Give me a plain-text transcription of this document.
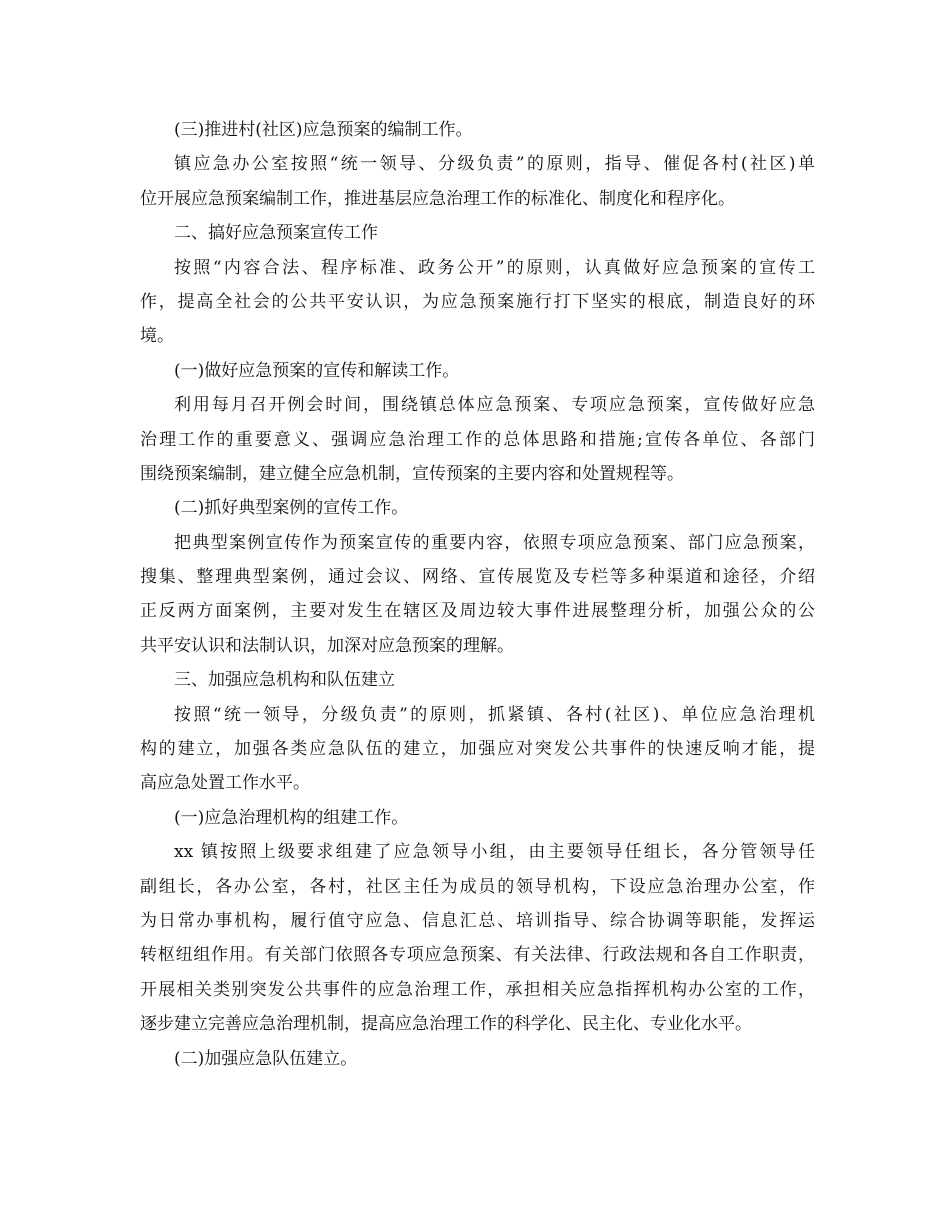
(三)推进村(社区)应急预案的编制工作。
镇应急办公室按照“统一领导、分级负责”的原则，指导、催促各村(社区)单
位开展应急预案编制工作，推进基层应急治理工作的标准化、制度化和程序化。
二、搞好应急预案宣传工作
按照“内容合法、程序标准、政务公开”的原则，认真做好应急预案的宣传工
作，提高全社会的公共平安认识，为应急预案施行打下坚实的根底，制造良好的环
境。
(一)做好应急预案的宣传和解读工作。
利用每月召开例会时间，围绕镇总体应急预案、专项应急预案，宣传做好应急
治理工作的重要意义、强调应急治理工作的总体思路和措施;宣传各单位、各部门
围绕预案编制，建立健全应急机制，宣传预案的主要内容和处置规程等。
(二)抓好典型案例的宣传工作。
把典型案例宣传作为预案宣传的重要内容，依照专项应急预案、部门应急预案，
搜集、整理典型案例，通过会议、网络、宣传展览及专栏等多种渠道和途径，介绍
正反两方面案例，主要对发生在辖区及周边较大事件进展整理分析，加强公众的公
共平安认识和法制认识，加深对应急预案的理解。
三、加强应急机构和队伍建立
按照“统一领导，分级负责”的原则，抓紧镇、各村(社区)、单位应急治理机
构的建立，加强各类应急队伍的建立，加强应对突发公共事件的快速反响才能，提
高应急处置工作水平。
(一)应急治理机构的组建工作。
xx 镇按照上级要求组建了应急领导小组，由主要领导任组长，各分管领导任
副组长，各办公室，各村，社区主任为成员的领导机构，下设应急治理办公室，作
为日常办事机构，履行值守应急、信息汇总、培训指导、综合协调等职能，发挥运
转枢纽组作用。有关部门依照各专项应急预案、有关法律、行政法规和各自工作职责，
开展相关类别突发公共事件的应急治理工作，承担相关应急指挥机构办公室的工作，
逐步建立完善应急治理机制，提高应急治理工作的科学化、民主化、专业化水平。
(二)加强应急队伍建立。
